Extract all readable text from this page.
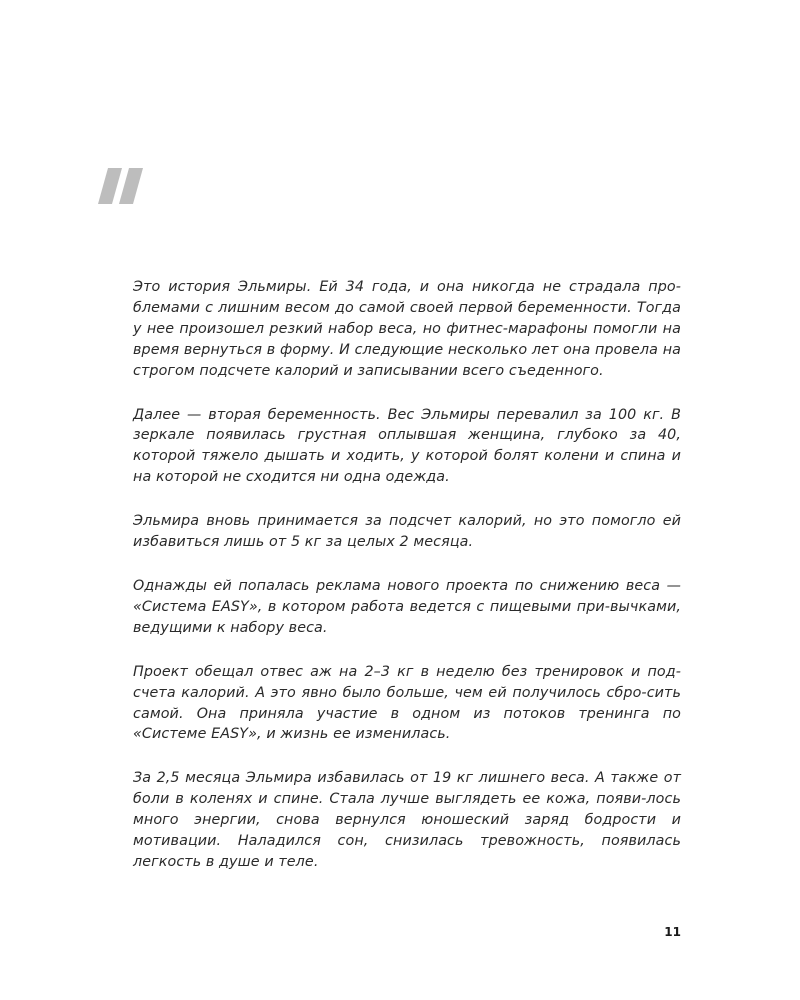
Это история Эльмиры. Ей 34 года, и она никогда не страдала про-блемами с лишним весом до самой своей первой беременности. Тогда у нее произошел резкий набор веса, но фитнес-марафоны помогли на время вернуться в форму. И следующие несколько лет она провела на строгом подсчете калорий и записывании всего съеденного.

Далее — вторая беременность. Вес Эльмиры перевалил за 100 кг. В зеркале появилась грустная оплывшая женщина, глубоко за 40, которой тяжело дышать и ходить, у которой болят колени и спина и на которой не сходится ни одна одежда.

Эльмира вновь принимается за подсчет калорий, но это помогло ей избавиться лишь от 5 кг за целых 2 месяца.

Однажды ей попалась реклама нового проекта по снижению веса — «Система EASY», в котором работа ведется с пищевыми при-вычками, ведущими к набору веса.

Проект обещал отвес аж на 2–3 кг в неделю без тренировок и под-счета калорий. А это явно было больше, чем ей получилось сбро-сить самой. Она приняла участие в одном из потоков тренинга по «Системе EASY», и жизнь ее изменилась.

За 2,5 месяца Эльмира избавилась от 19 кг лишнего веса. А также от боли в коленях и спине. Стала лучше выглядеть ее кожа, появи-лось много энергии, снова вернулся юношеский заряд бодрости и мотивации. Наладился сон, снизилась тревожность, появилась легкость в душе и теле.

11
